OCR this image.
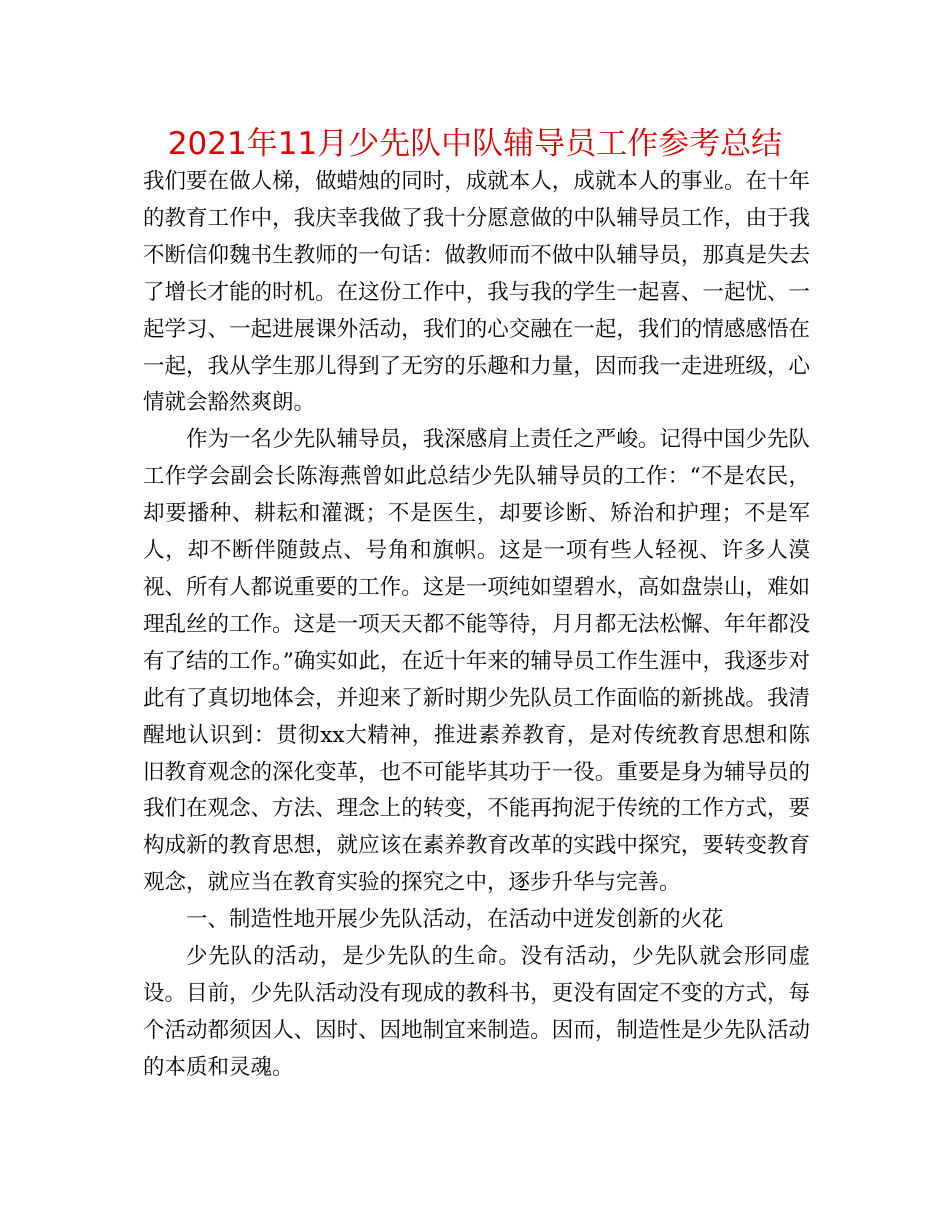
2021年11月少先队中队辅导员工作参考总结

我们要在做人梯，做蜡烛的同时，成就本人，成就本人的事业。在十年的教育工作中，我庆幸我做了我十分愿意做的中队辅导员工作，由于我不断信仰魏书生教师的一句话：做教师而不做中队辅导员，那真是失去了增长才能的时机。在这份工作中，我与我的学生一起喜、一起忧、一起学习、一起进展课外活动，我们的心交融在一起，我们的情感感悟在一起，我从学生那儿得到了无穷的乐趣和力量，因而我一走进班级，心情就会豁然爽朗。

作为一名少先队辅导员，我深感肩上责任之严峻。记得中国少先队工作学会副会长陈海燕曾如此总结少先队辅导员的工作：“不是农民，却要播种、耕耘和灌溉；不是医生，却要诊断、矫治和护理；不是军人，却不断伴随鼓点、号角和旗帜。这是一项有些人轻视、许多人漠视、所有人都说重要的工作。这是一项纯如望碧水，高如盘崇山，难如理乱丝的工作。这是一项天天都不能等待，月月都无法松懈、年年都没有了结的工作。”确实如此，在近十年来的辅导员工作生涯中，我逐步对此有了真切地体会，并迎来了新时期少先队员工作面临的新挑战。我清醒地认识到：贯彻xx大精神，推进素养教育，是对传统教育思想和陈旧教育观念的深化变革，也不可能毕其功于一役。重要是身为辅导员的我们在观念、方法、理念上的转变，不能再拘泥于传统的工作方式，要构成新的教育思想，就应该在素养教育改革的实践中探究，要转变教育观念，就应当在教育实验的探究之中，逐步升华与完善。

一、制造性地开展少先队活动，在活动中迸发创新的火花

少先队的活动，是少先队的生命。没有活动，少先队就会形同虚设。目前，少先队活动没有现成的教科书，更没有固定不变的方式，每个活动都须因人、因时、因地制宜来制造。因而，制造性是少先队活动的本质和灵魂。
